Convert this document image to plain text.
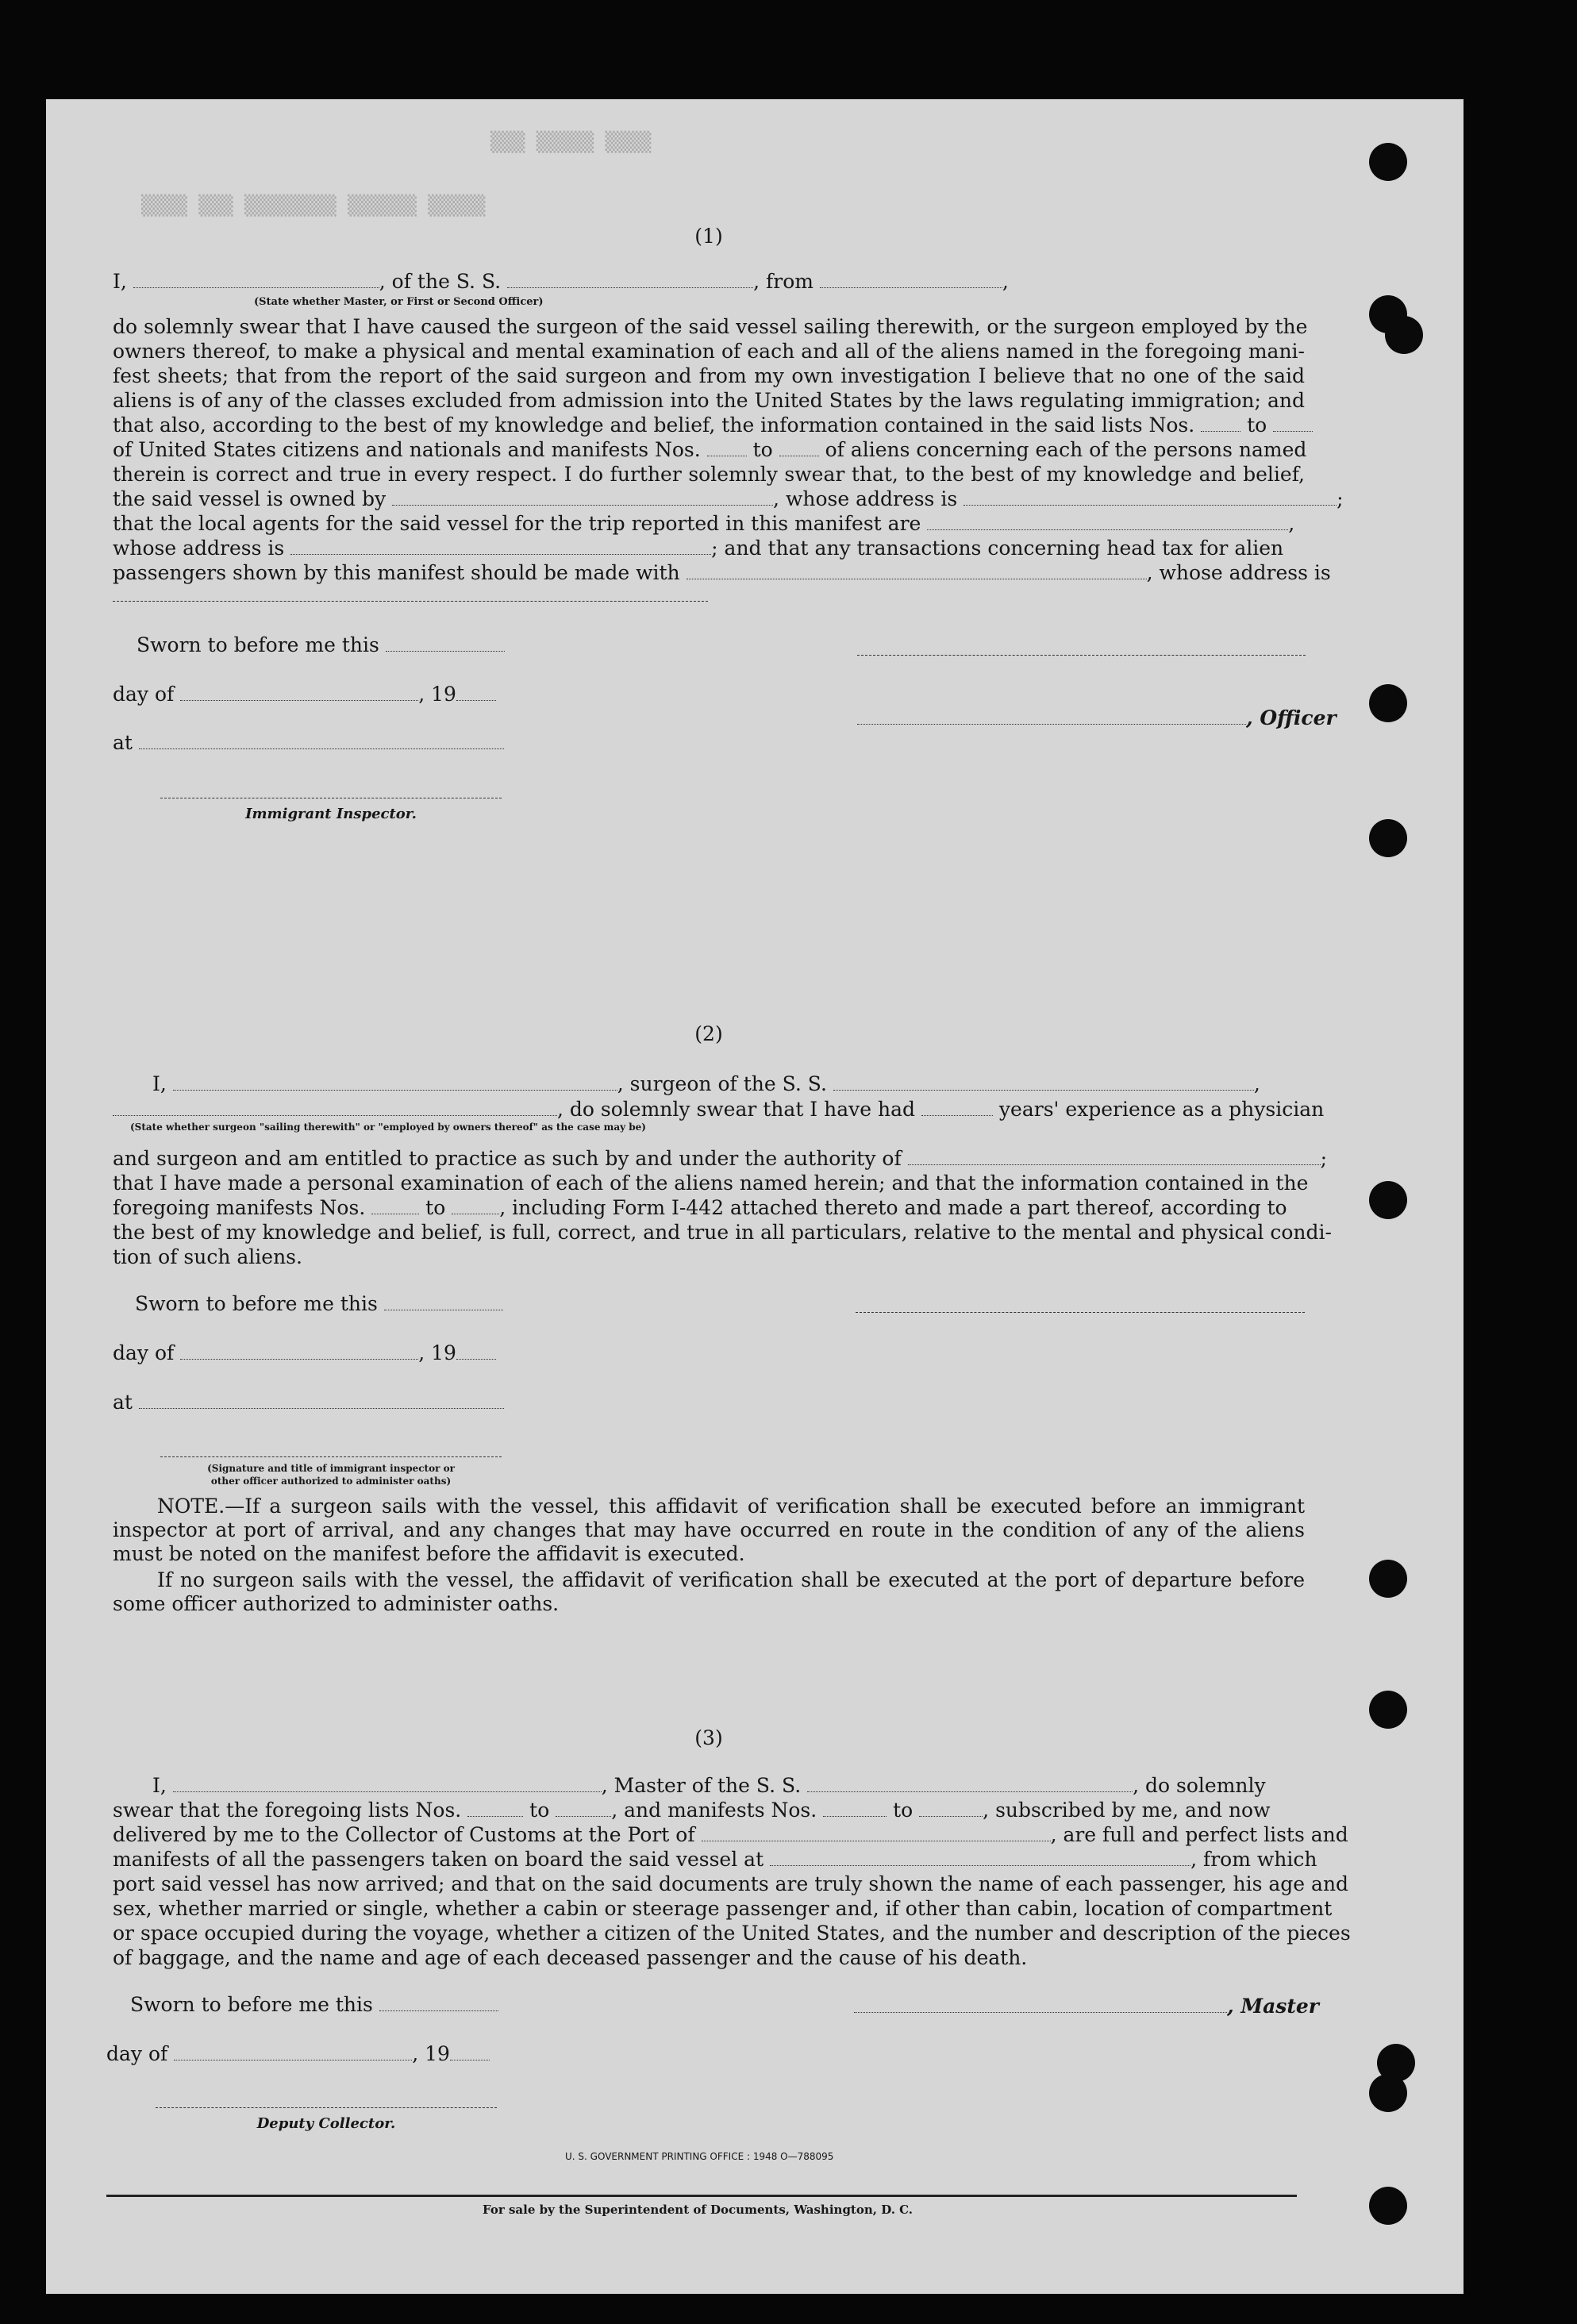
▒▒▒ ▒▒▒▒▒ ▒▒▒▒
▒▒▒▒ ▒▒▒ ▒▒▒▒▒▒▒▒ ▒▒▒▒▒▒ ▒▒▒▒▒
(1)
I,	, of the S. S.	, from	,
(State whether Master, or First or Second Officer)
do solemnly swear that I have caused the surgeon of the said vessel sailing therewith, or the surgeon employed by the
owners thereof, to make a physical and mental examination of each and all of the aliens named in the foregoing mani-
fest sheets; that from the report of the said surgeon and from my own investigation I believe that no one of the said
aliens is of any of the classes excluded from admission into the United States by the laws regulating immigration; and
that also, according to the best of my knowledge and belief, the information contained in the said lists Nos.	to
of United States citizens and nationals and manifests Nos.	to	of aliens concerning each of the persons named
therein is correct and true in every respect. I do further solemnly swear that, to the best of my knowledge and belief,
the said vessel is owned by	, whose address is	;
that the local agents for the said vessel for the trip reported in this manifest are	,
whose address is	; and that any transactions concerning head tax for alien
passengers shown by this manifest should be made with	, whose address is
Sworn to before me this
day of	, 19
, Officer
at
Immigrant Inspector.
(2)
I,	, surgeon of the S. S.	,
, do solemnly swear that I have had	years' experience as a physician
(State whether surgeon "sailing therewith" or "employed by owners thereof" as the case may be)
and surgeon and am entitled to practice as such by and under the authority of	;
that I have made a personal examination of each of the aliens named herein; and that the information contained in the
foregoing manifests Nos.	to	, including Form I-442 attached thereto and made a part thereof, according to
the best of my knowledge and belief, is full, correct, and true in all particulars, relative to the mental and physical condi-
tion of such aliens.
Sworn to before me this
day of	, 19
at
(Signature and title of immigrant inspector or
other officer authorized to administer oaths)
NOTE.—If a surgeon sails with the vessel, this affidavit of verification shall be executed before an immigrant inspector at port of arrival, and any changes that may have occurred en route in the condition of any of the aliens must be noted on the manifest before the affidavit is executed.
If no surgeon sails with the vessel, the affidavit of verification shall be executed at the port of departure before some officer authorized to administer oaths.
(3)
I,	, Master of the S. S.	, do solemnly
swear that the foregoing lists Nos.	to	, and manifests Nos.	to	, subscribed by me, and now
delivered by me to the Collector of Customs at the Port of	, are full and perfect lists and
manifests of all the passengers taken on board the said vessel at	, from which
port said vessel has now arrived; and that on the said documents are truly shown the name of each passenger, his age and
sex, whether married or single, whether a cabin or steerage passenger and, if other than cabin, location of compartment
or space occupied during the voyage, whether a citizen of the United States, and the number and description of the pieces
of baggage, and the name and age of each deceased passenger and the cause of his death.
Sworn to before me this	, Master
day of	, 19
Deputy Collector.
U. S. GOVERNMENT PRINTING OFFICE : 1948 O—788095
For sale by the Superintendent of Documents, Washington, D. C.
